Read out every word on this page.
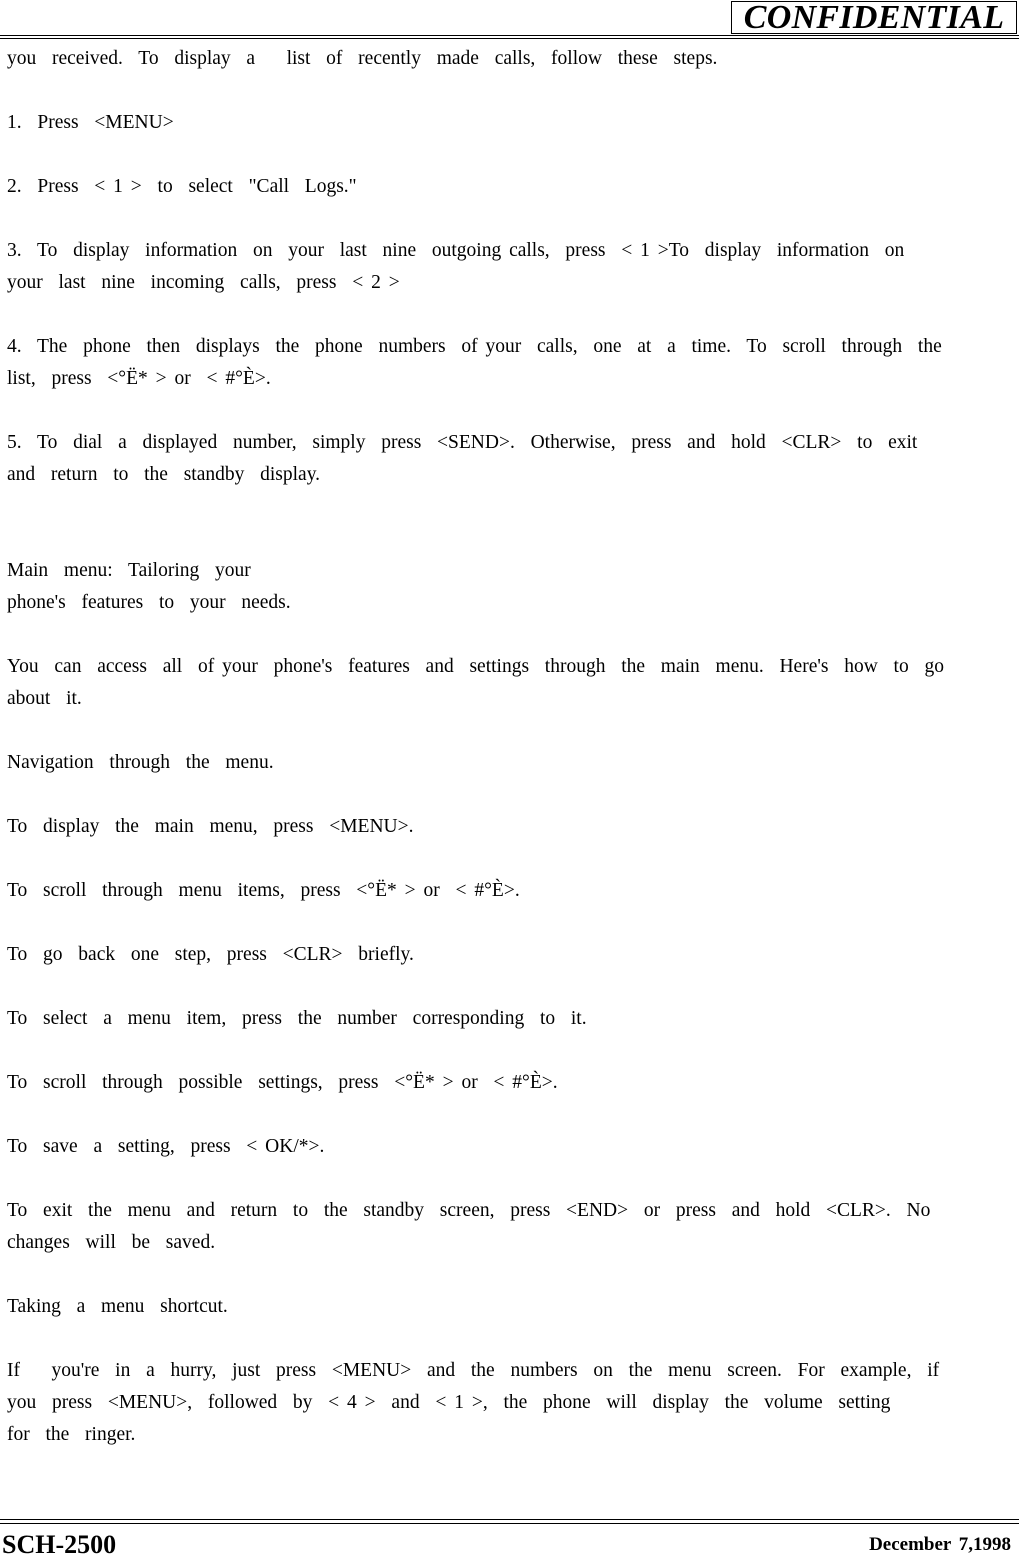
CONFIDENTIAL
you  received.  To  display  a    list  of  recently  made  calls,  follow  these  steps.
1.  Press  <MENU>
2.  Press  < 1 >  to  select  "Call  Logs."
3.  To  display  information  on  your  last  nine  outgoing calls,  press  < 1 >To  display  information  on
your  last  nine  incoming  calls,  press  < 2 >
4.  The  phone  then  displays  the  phone  numbers  of your  calls,  one  at  a  time.  To  scroll  through  the
list,  press  <°Ë* > or  < #°È>.
5.  To  dial  a  displayed  number,  simply  press  <SEND>.  Otherwise,  press  and  hold  <CLR>  to  exit
and  return  to  the  standby  display.
Main  menu:  Tailoring  your
phone's  features  to  your  needs.
You  can  access  all  of your  phone's  features  and  settings  through  the  main  menu.  Here's  how  to  go
about  it.
Navigation  through  the  menu.
To  display  the  main  menu,  press  <MENU>.
To  scroll  through  menu  items,  press  <°Ë* > or  < #°È>.
To  go  back  one  step,  press  <CLR>  briefly.
To  select  a  menu  item,  press  the  number  corresponding  to  it.
To  scroll  through  possible  settings,  press  <°Ë* > or  < #°È>.
To  save  a  setting,  press  < OK/*>.
To  exit  the  menu  and  return  to  the  standby  screen,  press  <END>  or  press  and  hold  <CLR>.  No
changes  will  be  saved.
Taking  a  menu  shortcut.
If    you're  in  a  hurry,  just  press  <MENU>  and  the  numbers  on  the  menu  screen.  For  example,  if
you  press  <MENU>,  followed  by  < 4 >  and  < 1 >,  the  phone  will  display  the  volume  setting
for  the  ringer.
SCH-2500	December 7,1998
